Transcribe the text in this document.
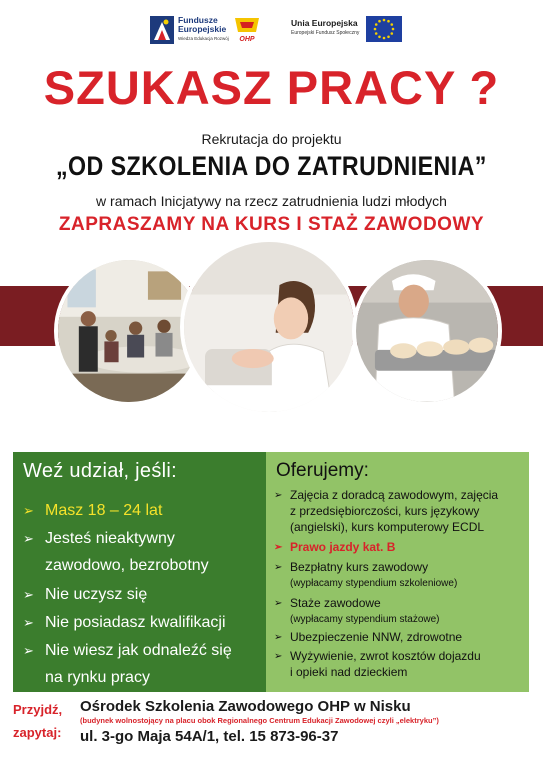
Fundusze Europejskie
Wiedza Edukacja Rozwój	OHP
Unia Europejska
Europejski Fundusz Społeczny
SZUKASZ PRACY ?
Rekrutacja do projektu
„OD SZKOLENIA DO ZATRUDNIENIA”
w ramach Inicjatywy na rzecz zatrudnienia ludzi młodych
ZAPRASZAMY NA KURS I STAŻ ZAWODOWY
Weź udział, jeśli:
➢ Masz 18 – 24 lat
➢ Jesteś nieaktywny
zawodowo, bezrobotny
➢ Nie uczysz się
➢ Nie posiadasz kwalifikacji
➢ Nie wiesz jak odnaleźć się
na rynku pracy
Oferujemy:
➢ Zajęcia z doradcą zawodowym, zajęcia
z przedsiębiorczości, kurs językowy
(angielski), kurs komputerowy ECDL
➢ Prawo jazdy kat. B
➢ Bezpłatny kurs zawodowy
(wypłacamy stypendium szkoleniowe)
➢ Staże zawodowe
(wypłacamy stypendium stażowe)
➢ Ubezpieczenie NNW, zdrowotne
➢ Wyżywienie, zwrot kosztów dojazdu
i opieki nad dzieckiem
Przyjdź,
zapytaj:
Ośrodek Szkolenia Zawodowego OHP w Nisku
(budynek wolnostojący na placu obok Regionalnego Centrum Edukacji Zawodowej czyli „elektryku”)
ul. 3-go Maja 54A/1, tel. 15 873-96-37
